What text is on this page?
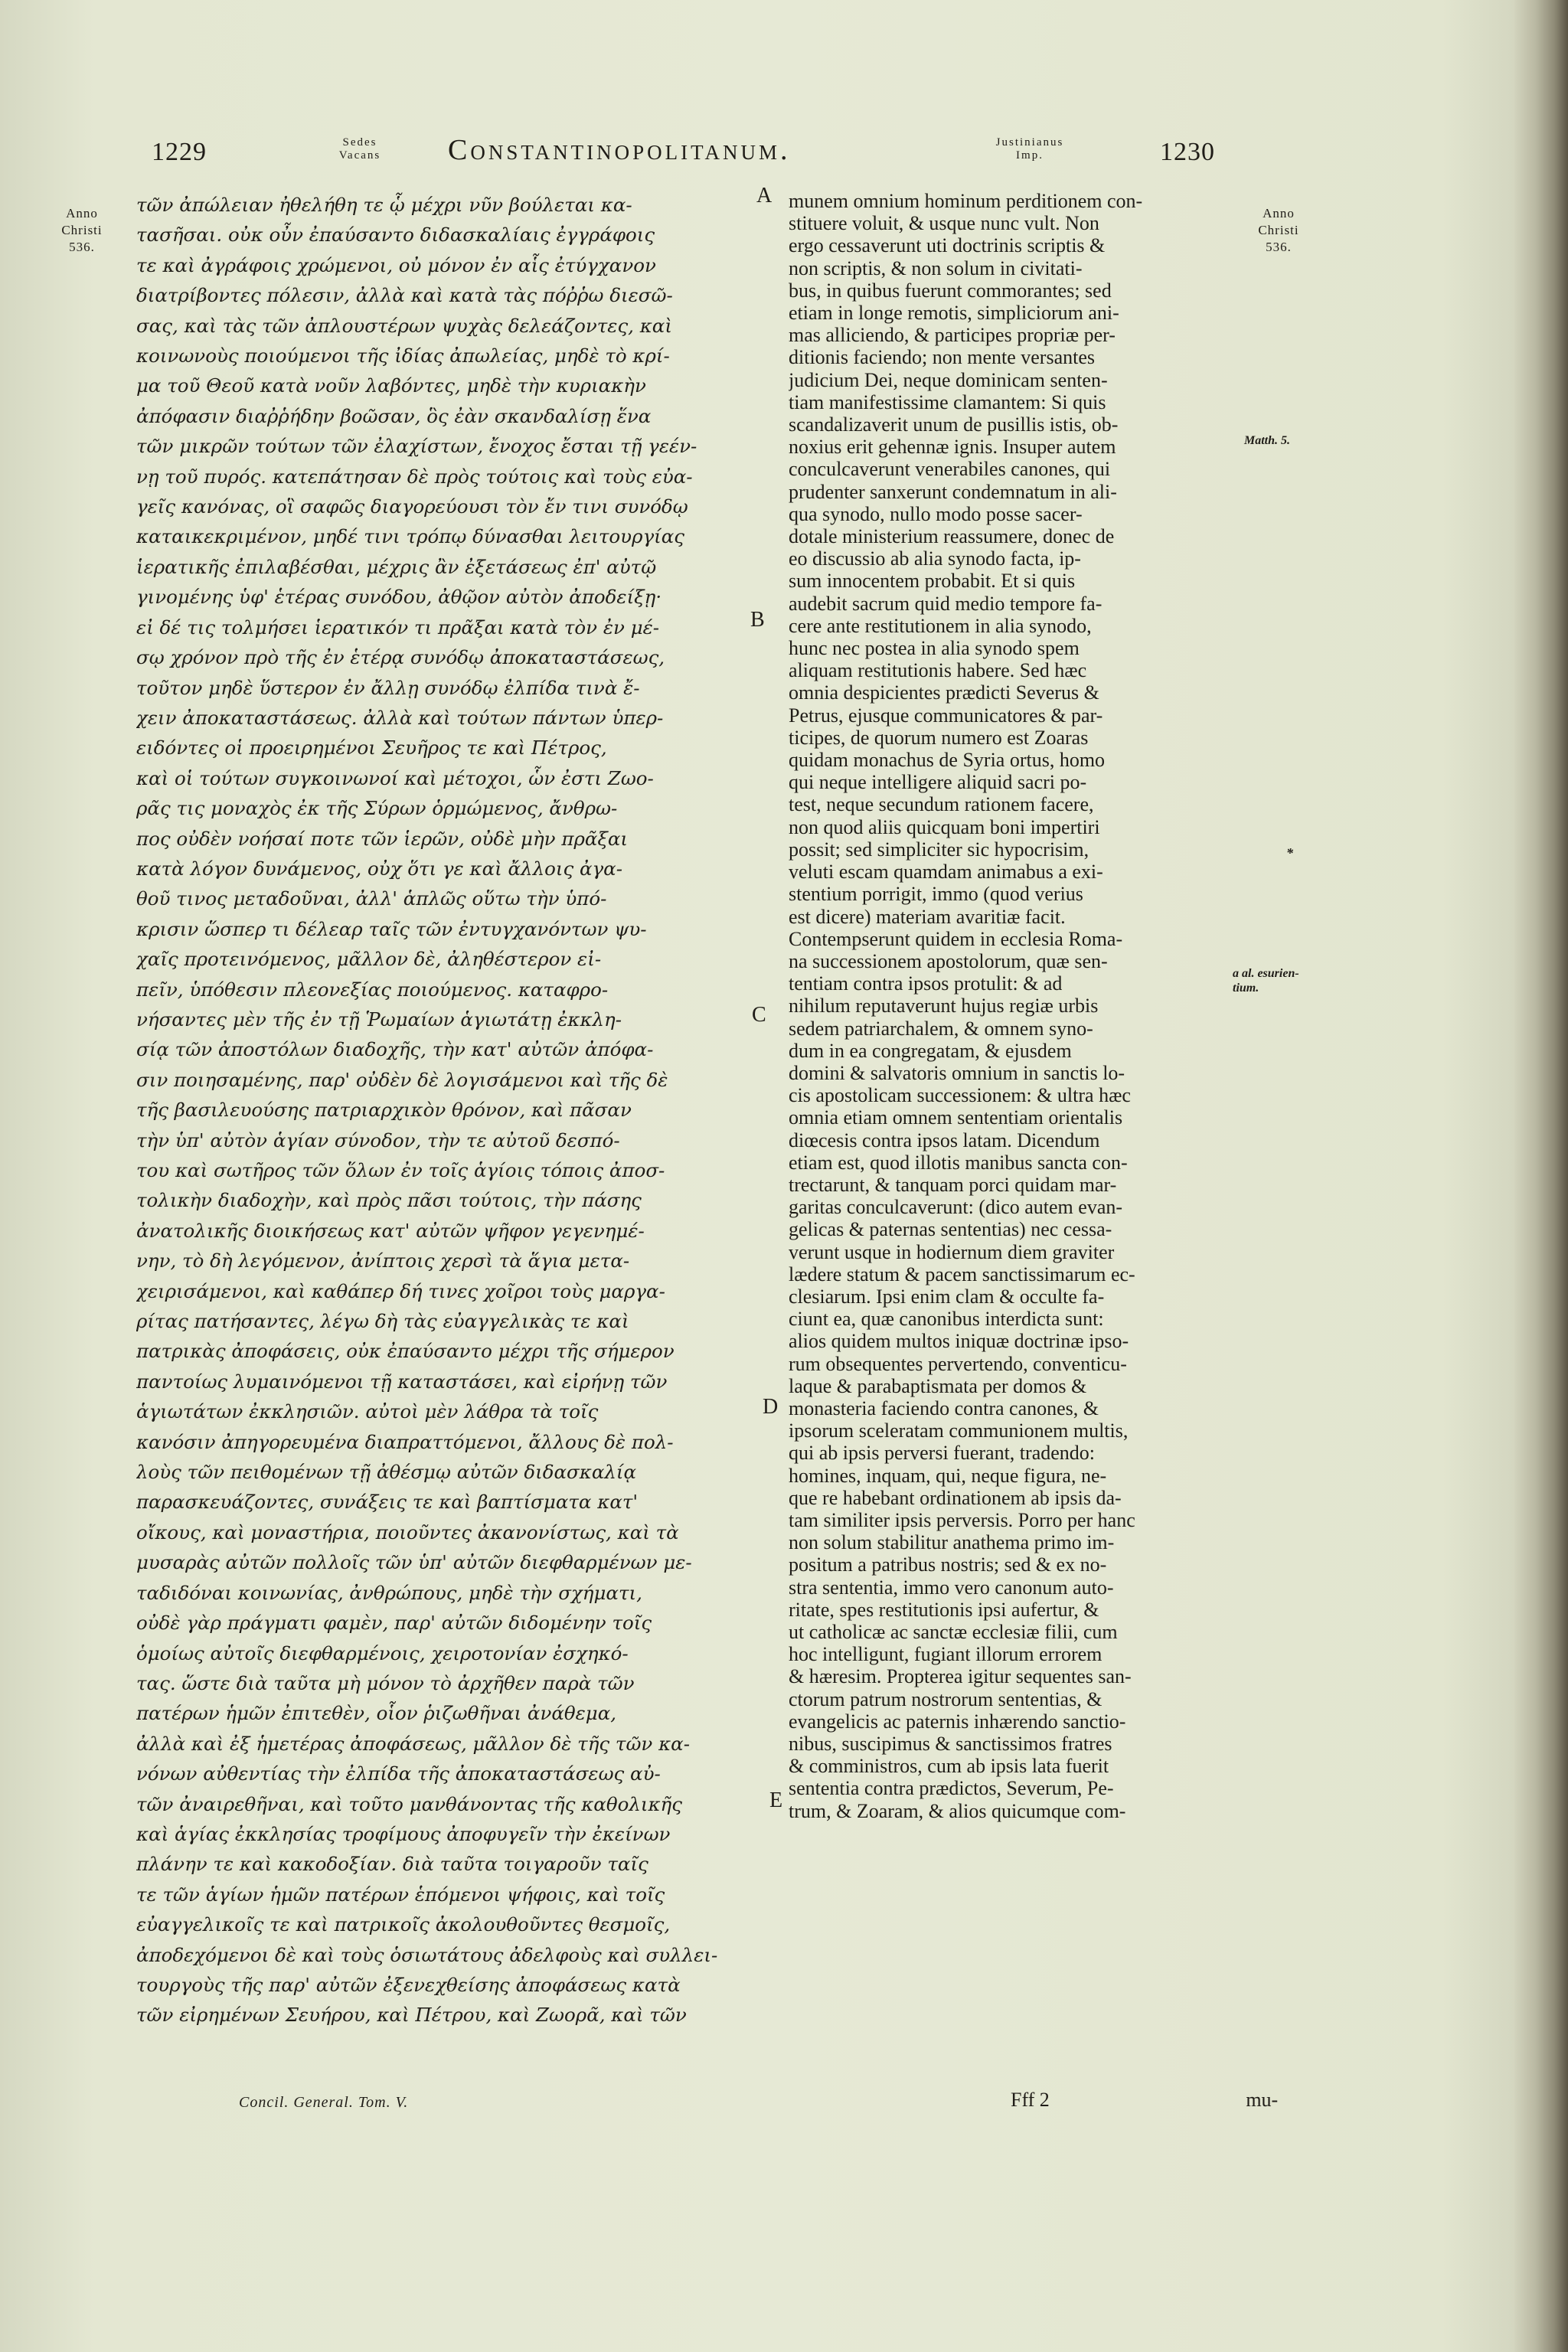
1229	Sedes
Vacans	Constantinopolitanum.	Justinianus
Imp.	1230
Anno
Christi
536.
Anno
Christi
536.
Matth. 5.
*
a al. esurien-
tium.
τῶν ἀπώλειαν ἠθελήθη τε ᾧ μέχρι νῦν βούλεται κα-
τασῆσαι. οὐκ οὖν ἐπαύσαντο διδασκαλίαις ἐγγράφοις
τε καὶ ἀγράφοις χρώμενοι, οὐ μόνον ἐν αἷς ἐτύγχανον
διατρίβοντες πόλεσιν, ἀλλὰ καὶ κατὰ τὰς πόῤῥω διεσῶ-
σας, καὶ τὰς τῶν ἀπλουστέρων ψυχὰς δελεάζοντες, καὶ
κοινωνοὺς ποιούμενοι τῆς ἰδίας ἀπωλείας, μηδὲ τὸ κρί-
μα τοῦ Θεοῦ κατὰ νοῦν λαβόντες, μηδὲ τὴν κυριακὴν
ἀπόφασιν διαῤῥήδην βοῶσαν, ὃς ἐὰν σκανδαλίσῃ ἕνα
τῶν μικρῶν τούτων τῶν ἐλαχίστων, ἔνοχος ἔσται τῇ γεέν-
νῃ τοῦ πυρός. κατεπάτησαν δὲ πρὸς τούτοις καὶ τοὺς εὐα-
γεῖς κανόνας, οἳ σαφῶς διαγορεύουσι τὸν ἔν τινι συνόδῳ
καταικεκριμένον, μηδέ τινι τρόπῳ δύνασθαι λειτουργίας
ἱερατικῆς ἐπιλαβέσθαι, μέχρις ἂν ἐξετάσεως ἐπ' αὐτῷ
γινομένης ὑφ' ἑτέρας συνόδου, ἀθῷον αὐτὸν ἀποδείξῃ·
εἰ δέ τις τολμήσει ἱερατικόν τι πρᾶξαι κατὰ τὸν ἐν μέ-
σῳ χρόνον πρὸ τῆς ἐν ἑτέρᾳ συνόδῳ ἀποκαταστάσεως,
τοῦτον μηδὲ ὕστερον ἐν ἄλλῃ συνόδῳ ἐλπίδα τινὰ ἔ-
χειν ἀποκαταστάσεως. ἀλλὰ καὶ τούτων πάντων ὑπερ-
ειδόντες οἱ προειρημένοι Σευῆρος τε καὶ Πέτρος,
καὶ οἱ τούτων συγκοινωνοί καὶ μέτοχοι, ὧν ἐστι Ζωο-
ρᾶς τις μοναχὸς ἐκ τῆς Σύρων ὁρμώμενος, ἄνθρω-
πος οὐδὲν νοήσαί ποτε τῶν ἱερῶν, οὐδὲ μὴν πρᾶξαι
κατὰ λόγον δυνάμενος, οὐχ ὅτι γε καὶ ἄλλοις ἀγα-
θοῦ τινος μεταδοῦναι, ἀλλ' ἁπλῶς οὕτω τὴν ὑπό-
κρισιν ὥσπερ τι δέλεαρ ταῖς τῶν ἐντυγχανόντων ψυ-
χαῖς προτεινόμενος, μᾶλλον δὲ, ἀληθέστερον εἰ-
πεῖν, ὑπόθεσιν πλεονεξίας ποιούμενος. καταφρο-
νήσαντες μὲν τῆς ἐν τῇ Ῥωμαίων ἁγιωτάτῃ ἐκκλη-
σίᾳ τῶν ἀποστόλων διαδοχῆς, τὴν κατ' αὐτῶν ἀπόφα-
σιν ποιησαμένης, παρ' οὐδὲν δὲ λογισάμενοι καὶ τῆς δὲ
τῆς βασιλευούσης πατριαρχικὸν θρόνον, καὶ πᾶσαν
τὴν ὑπ' αὐτὸν ἁγίαν σύνοδον, τὴν τε αὐτοῦ δεσπό-
του καὶ σωτῆρος τῶν ὅλων ἐν τοῖς ἁγίοις τόποις ἀποσ-
τολικὴν διαδοχὴν, καὶ πρὸς πᾶσι τούτοις, τὴν πάσης
ἀνατολικῆς διοικήσεως κατ' αὐτῶν ψῆφον γεγενημέ-
νην, τὸ δὴ λεγόμενον, ἀνίπτοις χερσὶ τὰ ἅγια μετα-
χειρισάμενοι, καὶ καθάπερ δή τινες χοῖροι τοὺς μαργα-
ρίτας πατήσαντες, λέγω δὴ τὰς εὐαγγελικὰς τε καὶ
πατρικὰς ἀποφάσεις, οὐκ ἐπαύσαντο μέχρι τῆς σήμερον
παντοίως λυμαινόμενοι τῇ καταστάσει, καὶ εἰρήνῃ τῶν
ἁγιωτάτων ἐκκλησιῶν. αὐτοὶ μὲν λάθρα τὰ τοῖς
κανόσιν ἀπηγορευμένα διαπραττόμενοι, ἄλλους δὲ πολ-
λοὺς τῶν πειθομένων τῇ ἀθέσμῳ αὐτῶν διδασκαλίᾳ
παρασκευάζοντες, συνάξεις τε καὶ βαπτίσματα κατ'
οἴκους, καὶ μοναστήρια, ποιοῦντες ἀκανονίστως, καὶ τὰ
μυσαρὰς αὐτῶν πολλοῖς τῶν ὑπ' αὐτῶν διεφθαρμένων με-
ταδιδόναι κοινωνίας, ἀνθρώπους, μηδὲ τὴν σχήματι,
οὐδὲ γὰρ πράγματι φαμὲν, παρ' αὐτῶν διδομένην τοῖς
ὁμοίως αὐτοῖς διεφθαρμένοις, χειροτονίαν ἐσχηκό-
τας. ὥστε διὰ ταῦτα μὴ μόνον τὸ ἀρχῆθεν παρὰ τῶν
πατέρων ἡμῶν ἐπιτεθὲν, οἷον ῥιζωθῆναι ἀνάθεμα,
ἀλλὰ καὶ ἐξ ἡμετέρας ἀποφάσεως, μᾶλλον δὲ τῆς τῶν κα-
νόνων αὐθεντίας τὴν ἐλπίδα τῆς ἀποκαταστάσεως αὐ-
τῶν ἀναιρεθῆναι, καὶ τοῦτο μανθάνοντας τῆς καθολικῆς
καὶ ἁγίας ἐκκλησίας τροφίμους ἀποφυγεῖν τὴν ἐκείνων
πλάνην τε καὶ κακοδοξίαν. διὰ ταῦτα τοιγαροῦν ταῖς
τε τῶν ἁγίων ἡμῶν πατέρων ἑπόμενοι ψήφοις, καὶ τοῖς
εὐαγγελικοῖς τε καὶ πατρικοῖς ἀκολουθοῦντες θεσμοῖς,
ἀποδεχόμενοι δὲ καὶ τοὺς ὁσιωτάτους ἀδελφοὺς καὶ συλλει-
τουργοὺς τῆς παρ' αὐτῶν ἐξενεχθείσης ἀποφάσεως κατὰ
τῶν εἰρημένων Σευήρου, καὶ Πέτρου, καὶ Ζωορᾶ, καὶ τῶν
munem omnium hominum perditionem con-
stituere voluit, & usque nunc vult. Non
ergo cessaverunt uti doctrinis scriptis &
non scriptis, & non solum in civitati-
bus, in quibus fuerunt commorantes; sed
etiam in longe remotis, simpliciorum ani-
mas alliciendo, & participes propriæ per-
ditionis faciendo; non mente versantes
judicium Dei, neque dominicam senten-
tiam manifestissime clamantem: Si quis
scandalizaverit unum de pusillis istis, ob-
noxius erit gehennæ ignis. Insuper autem
conculcaverunt venerabiles canones, qui
prudenter sanxerunt condemnatum in ali-
qua synodo, nullo modo posse sacer-
dotale ministerium reassumere, donec de
eo discussio ab alia synodo facta, ip-
sum innocentem probabit. Et si quis
audebit sacrum quid medio tempore fa-
cere ante restitutionem in alia synodo,
hunc nec postea in alia synodo spem
aliquam restitutionis habere. Sed hæc
omnia despicientes prædicti Severus &
Petrus, ejusque communicatores & par-
ticipes, de quorum numero est Zoaras
quidam monachus de Syria ortus, homo
qui neque intelligere aliquid sacri po-
test, neque secundum rationem facere,
non quod aliis quicquam boni impertiri
possit; sed simpliciter sic hypocrisim,
veluti escam quamdam animabus a exi-
stentium porrigit, immo (quod verius
est dicere) materiam avaritiæ facit.
Contempserunt quidem in ecclesia Roma-
na successionem apostolorum, quæ sen-
tentiam contra ipsos protulit: & ad
nihilum reputaverunt hujus regiæ urbis
sedem patriarchalem, & omnem syno-
dum in ea congregatam, & ejusdem
domini & salvatoris omnium in sanctis lo-
cis apostolicam successionem: & ultra hæc
omnia etiam omnem sententiam orientalis
diœcesis contra ipsos latam. Dicendum
etiam est, quod illotis manibus sancta con-
trectarunt, & tanquam porci quidam mar-
garitas conculcaverunt: (dico autem evan-
gelicas & paternas sententias) nec cessa-
verunt usque in hodiernum diem graviter
lædere statum & pacem sanctissimarum ec-
clesiarum. Ipsi enim clam & occulte fa-
ciunt ea, quæ canonibus interdicta sunt:
alios quidem multos iniquæ doctrinæ ipso-
rum obsequentes pervertendo, conventicu-
laque & parabaptismata per domos &
monasteria faciendo contra canones, &
ipsorum sceleratam communionem multis,
qui ab ipsis perversi fuerant, tradendo:
homines, inquam, qui, neque figura, ne-
que re habebant ordinationem ab ipsis da-
tam similiter ipsis perversis. Porro per hanc
non solum stabilitur anathema primo im-
positum a patribus nostris; sed & ex no-
stra sententia, immo vero canonum auto-
ritate, spes restitutionis ipsi aufertur, &
ut catholicæ ac sanctæ ecclesiæ filii, cum
hoc intelligunt, fugiant illorum errorem
& hæresim. Propterea igitur sequentes san-
ctorum patrum nostrorum sententias, &
evangelicis ac paternis inhærendo sanctio-
nibus, suscipimus & sanctissimos fratres
& comministros, cum ab ipsis lata fuerit
sententia contra prædictos, Severum, Pe-
trum, & Zoaram, & alios quicumque com-
A
B
C
D
E
Concil. General. Tom. V.	Fff 2	mu-
